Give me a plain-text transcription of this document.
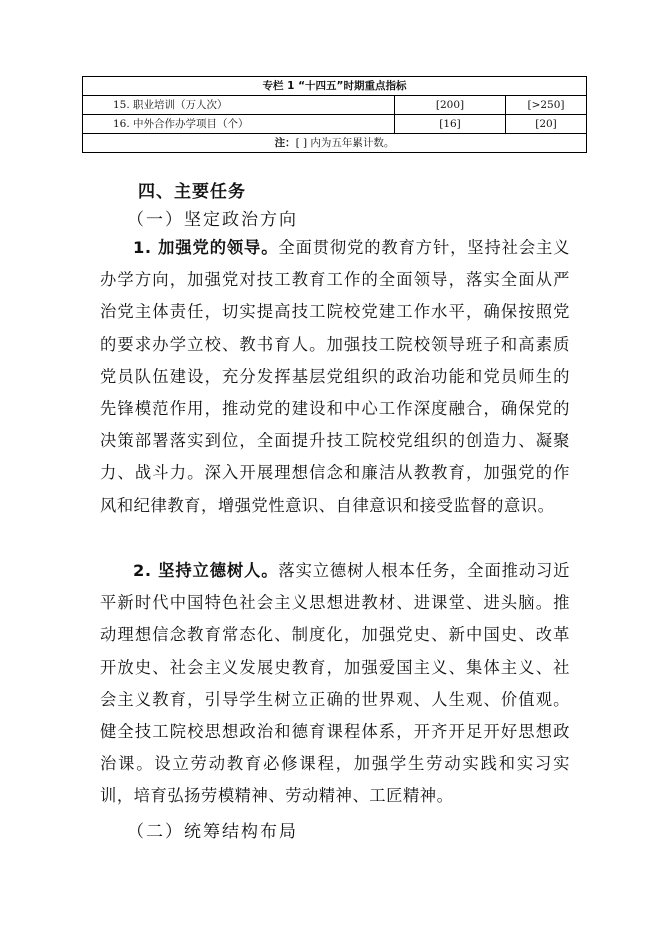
专栏 1 “十四五”时期重点指标		
15. 职业培训（万人次）	[200]	[>250]
16. 中外合作办学项目（个）	[16]	[20]
注：[ ] 内为五年累计数。		
四、主要任务
（一）坚定政治方向
1. 加强党的领导。全面贯彻党的教育方针，坚持社会主义办学方向，加强党对技工教育工作的全面领导，落实全面从严治党主体责任，切实提高技工院校党建工作水平，确保按照党的要求办学立校、教书育人。加强技工院校领导班子和高素质党员队伍建设，充分发挥基层党组织的政治功能和党员师生的先锋模范作用，推动党的建设和中心工作深度融合，确保党的决策部署落实到位，全面提升技工院校党组织的创造力、凝聚力、战斗力。深入开展理想信念和廉洁从教教育，加强党的作风和纪律教育，增强党性意识、自律意识和接受监督的意识。
2. 坚持立德树人。落实立德树人根本任务，全面推动习近平新时代中国特色社会主义思想进教材、进课堂、进头脑。推动理想信念教育常态化、制度化，加强党史、新中国史、改革开放史、社会主义发展史教育，加强爱国主义、集体主义、社会主义教育，引导学生树立正确的世界观、人生观、价值观。健全技工院校思想政治和德育课程体系，开齐开足开好思想政治课。设立劳动教育必修课程，加强学生劳动实践和实习实训，培育弘扬劳模精神、劳动精神、工匠精神。
（二）统筹结构布局
